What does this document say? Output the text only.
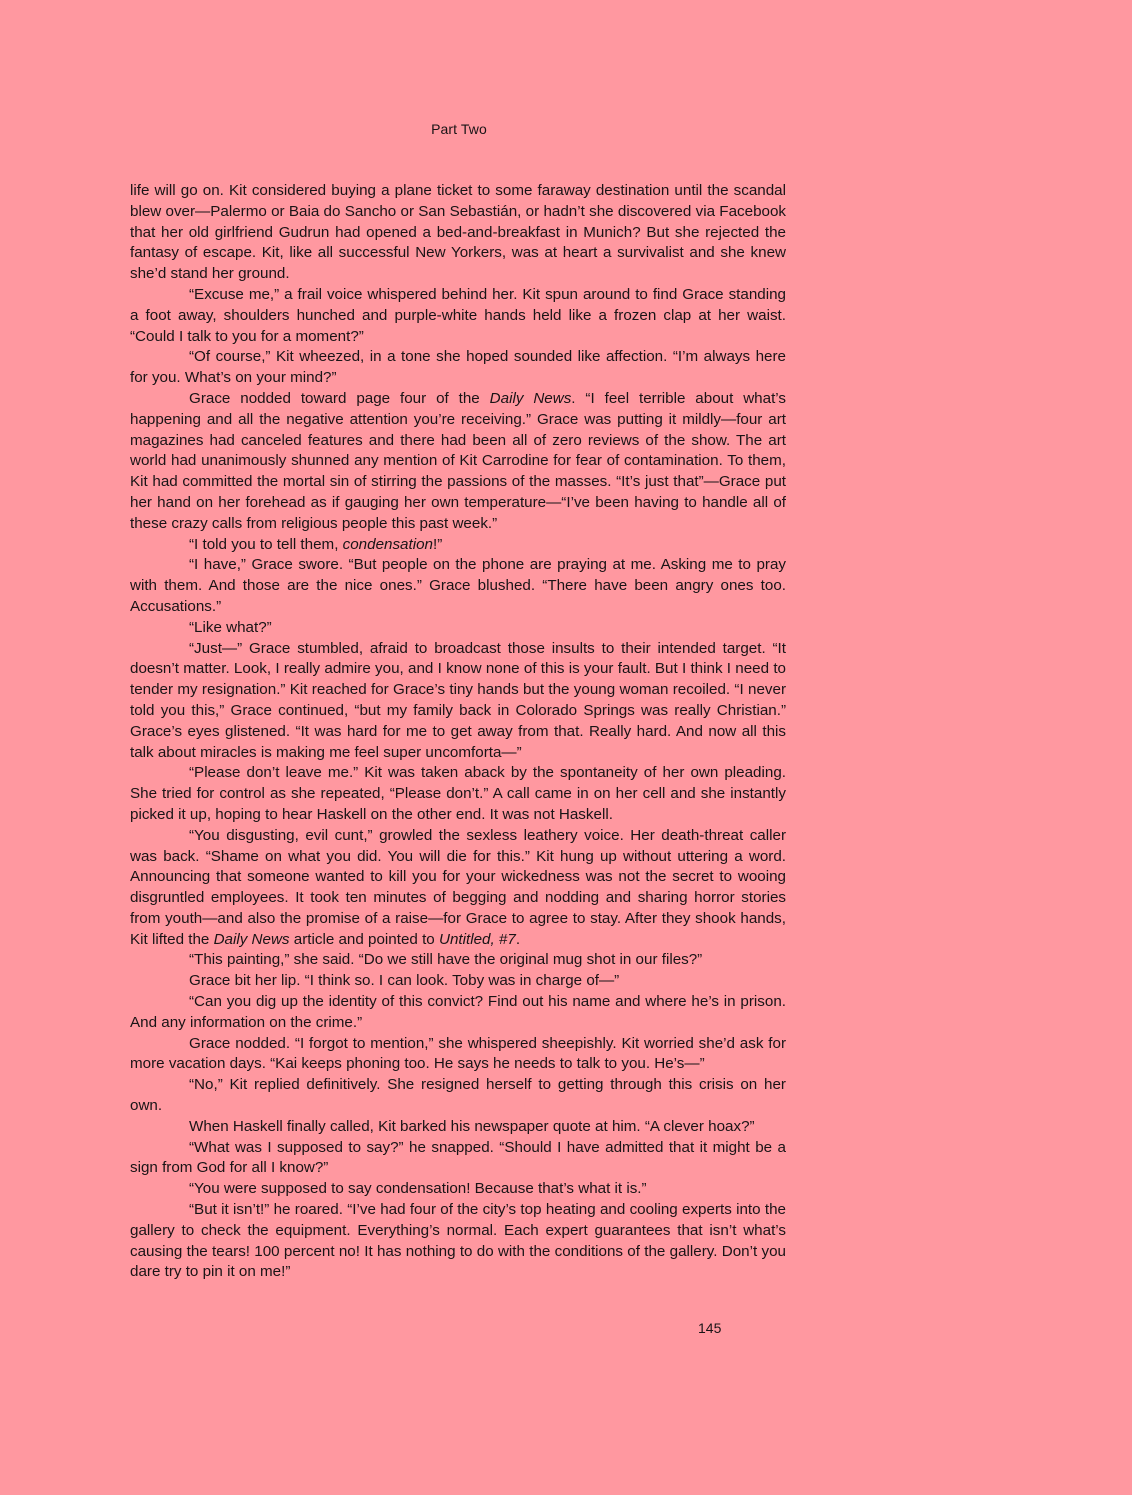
Part Two

life will go on. Kit considered buying a plane ticket to some faraway destination until the scandal blew over—Palermo or Baia do Sancho or San Sebastián, or hadn’t she discovered via Facebook that her old girlfriend Gudrun had opened a bed-and-breakfast in Munich? But she rejected the fantasy of escape. Kit, like all successful New Yorkers, was at heart a survivalist and she knew she’d stand her ground.

“Excuse me,” a frail voice whispered behind her. Kit spun around to find Grace standing a foot away, shoulders hunched and purple-white hands held like a frozen clap at her waist. “Could I talk to you for a moment?”

“Of course,” Kit wheezed, in a tone she hoped sounded like affection. “I’m always here for you. What’s on your mind?”

Grace nodded toward page four of the Daily News. “I feel terrible about what’s happening and all the negative attention you’re receiving.” Grace was putting it mildly—four art magazines had canceled features and there had been all of zero reviews of the show. The art world had unanimously shunned any mention of Kit Carrodine for fear of contamination. To them, Kit had committed the mortal sin of stirring the passions of the masses. “It’s just that”—Grace put her hand on her forehead as if gauging her own temperature—“I’ve been having to handle all of these crazy calls from religious people this past week.”

“I told you to tell them, condensation!”

“I have,” Grace swore. “But people on the phone are praying at me. Asking me to pray with them. And those are the nice ones.” Grace blushed. “There have been angry ones too. Accusations.”

“Like what?”

“Just—” Grace stumbled, afraid to broadcast those insults to their intended target. “It doesn’t matter. Look, I really admire you, and I know none of this is your fault. But I think I need to tender my resignation.” Kit reached for Grace’s tiny hands but the young woman recoiled. “I never told you this,” Grace continued, “but my family back in Colorado Springs was really Christian.” Grace’s eyes glistened. “It was hard for me to get away from that. Really hard. And now all this talk about miracles is making me feel super uncomforta—”

“Please don’t leave me.” Kit was taken aback by the spontaneity of her own pleading. She tried for control as she repeated, “Please don’t.” A call came in on her cell and she instantly picked it up, hoping to hear Haskell on the other end. It was not Haskell.

“You disgusting, evil cunt,” growled the sexless leathery voice. Her death-threat caller was back. “Shame on what you did. You will die for this.” Kit hung up without uttering a word. Announcing that someone wanted to kill you for your wickedness was not the secret to wooing disgruntled employees. It took ten minutes of begging and nodding and sharing horror stories from youth—and also the promise of a raise—for Grace to agree to stay. After they shook hands, Kit lifted the Daily News article and pointed to Untitled, #7.

“This painting,” she said. “Do we still have the original mug shot in our files?”

Grace bit her lip. “I think so. I can look. Toby was in charge of—”

“Can you dig up the identity of this convict? Find out his name and where he’s in prison. And any information on the crime.”

Grace nodded. “I forgot to mention,” she whispered sheepishly. Kit worried she’d ask for more vacation days. “Kai keeps phoning too. He says he needs to talk to you. He’s—”

“No,” Kit replied definitively. She resigned herself to getting through this crisis on her own.

When Haskell finally called, Kit barked his newspaper quote at him. “A clever hoax?”

“What was I supposed to say?” he snapped. “Should I have admitted that it might be a sign from God for all I know?”

“You were supposed to say condensation! Because that’s what it is.”

“But it isn’t!” he roared. “I’ve had four of the city’s top heating and cooling experts into the gallery to check the equipment. Everything’s normal. Each expert guarantees that isn’t what’s causing the tears! 100 percent no! It has nothing to do with the conditions of the gallery. Don’t you dare try to pin it on me!”

145
